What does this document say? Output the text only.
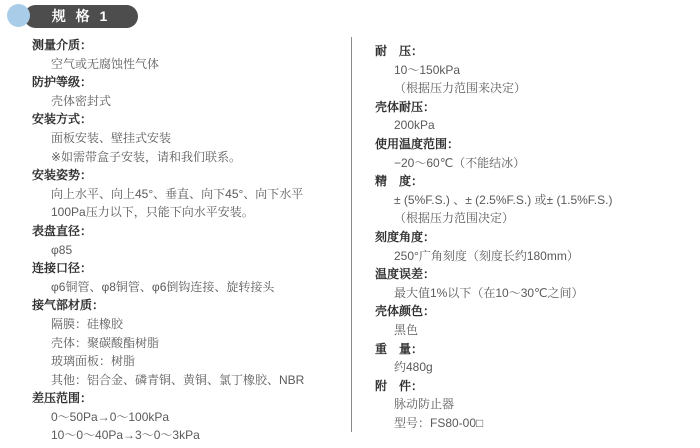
规 格 1
测量介质：
空气或无腐蚀性气体
防护等级：
壳体密封式
安装方式：
面板安装、壁挂式安装
※如需带盒子安装，请和我们联系。
安装姿势：
向上水平、向上45°、垂直、向下45°、向下水平
100Pa压力以下，只能下向水平安装。
表盘直径：
φ85
连接口径：
φ6铜管、φ8铜管、φ6倒钩连接、旋转接头
接气部材质：
隔膜：硅橡胶
壳体：聚碳酸酯树脂
玻璃面板：树脂
其他：铝合金、磷青铜、黄铜、氯丁橡胶、NBR
差压范围：
0～50Pa→0～100kPa
10～0～40Pa→3～0～3kPa
耐　压：
10～150kPa
（根据压力范围来决定）
壳体耐压：
200kPa
使用温度范围：
−20～60℃（不能结冰）
精　度：
± (5%F.S.) 、± (2.5%F.S.) 或± (1.5%F.S.)
（根据压力范围决定）
刻度角度：
250°广角刻度（刻度长约180mm）
温度误差：
最大值1%以下（在10～30℃之间）
壳体颜色：
黑色
重　量：
约480g
附　件：
脉动防止器
型号：FS80-00□
